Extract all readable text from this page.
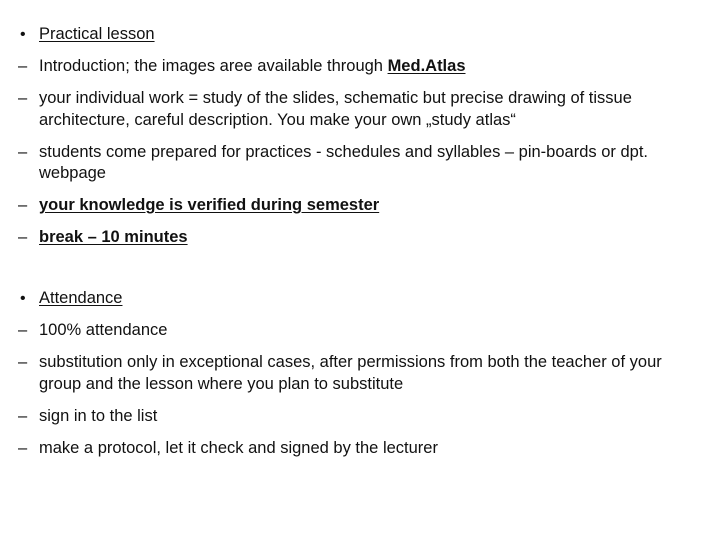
• Practical lesson
– Introduction; the images aree available through Med.Atlas
– your individual work = study of the slides, schematic but precise drawing of tissue architecture, careful description. You make your own „study atlas“
– students come prepared for practices - schedules and syllables – pin-boards or dpt. webpage
– your knowledge is verified during semester
– break – 10 minutes
• Attendance
– 100% attendance
– substitution only in exceptional cases, after permissions from both the teacher of your group and the lesson where you plan to substitute
– sign in to the list
– make a protocol, let it check and signed by the lecturer
